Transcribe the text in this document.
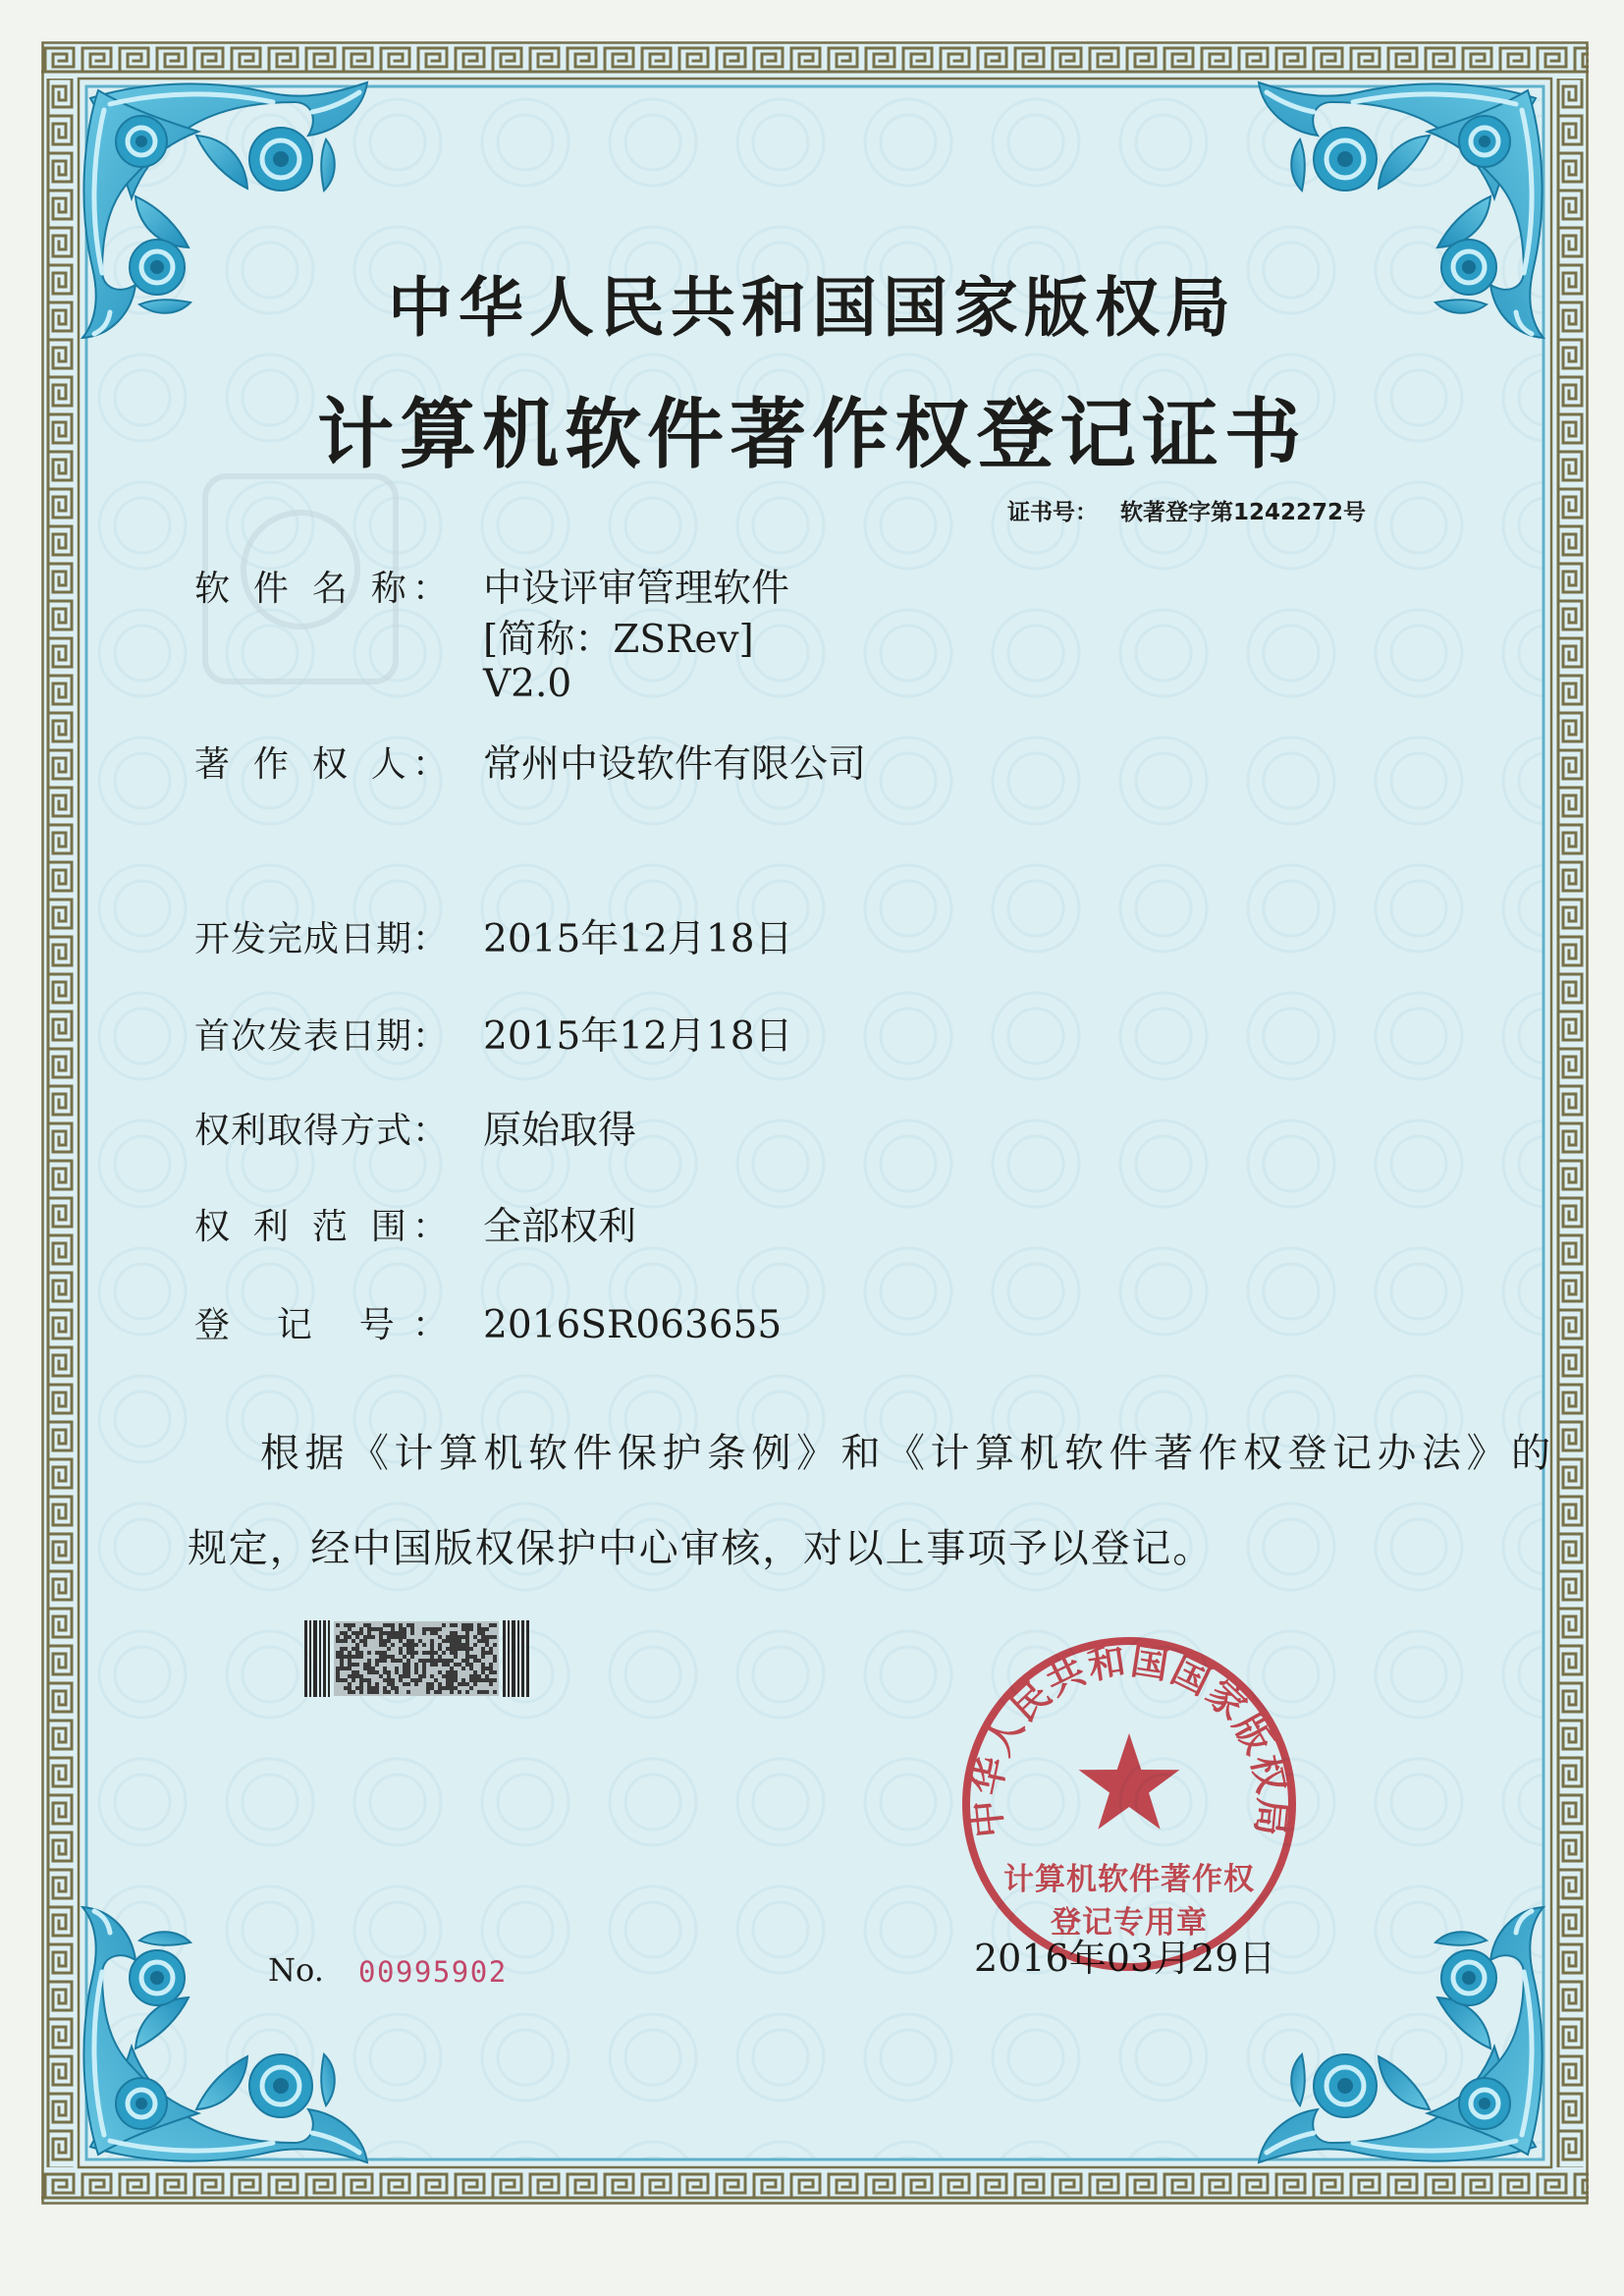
中华人民共和国国家版权局
计算机软件著作权登记证书
证书号： 软著登字第1242272号
软 件 名 称： 中设评审管理软件
[简称：ZSRev]
V2.0
著 作 权 人： 常州中设软件有限公司
开发完成日期： 2015年12月18日
首次发表日期： 2015年12月18日
权利取得方式： 原始取得
权 利 范 围： 全部权利
登 记 号： 2016SR063655
根据《计算机软件保护条例》和《计算机软件著作权登记办法》的
规定，经中国版权保护中心审核，对以上事项予以登记。
No. 00995902	2016年03月29日
中华人民共和国国家版权局
计算机软件著作权
登记专用章
